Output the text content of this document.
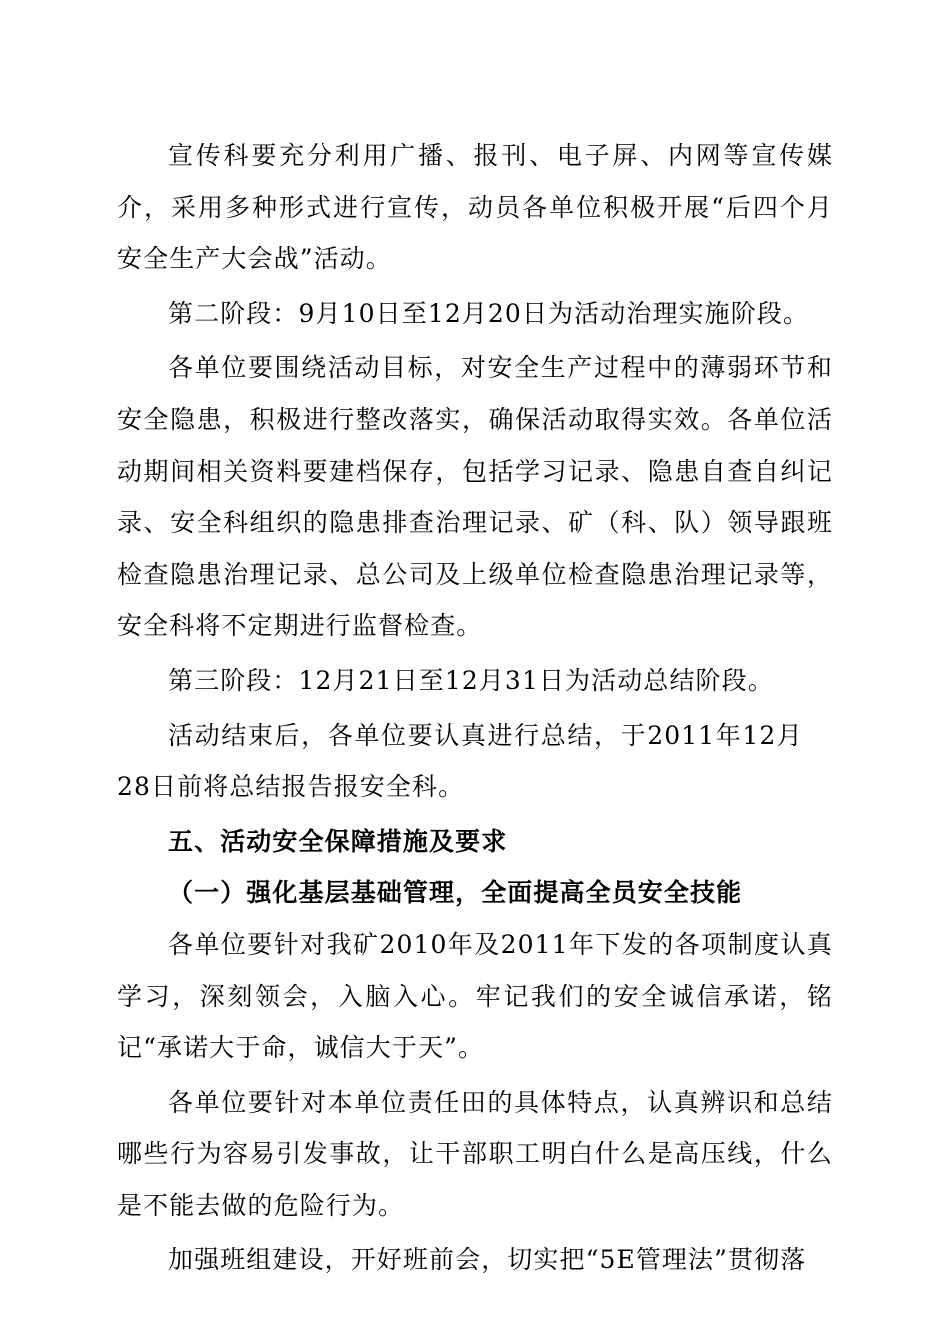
宣传科要充分利用广播、报刊、电子屏、内网等宣传媒介，采用多种形式进行宣传，动员各单位积极开展“后四个月安全生产大会战”活动。

第二阶段：9月10日至12月20日为活动治理实施阶段。

各单位要围绕活动目标，对安全生产过程中的薄弱环节和安全隐患，积极进行整改落实，确保活动取得实效。各单位活动期间相关资料要建档保存，包括学习记录、隐患自查自纠记录、安全科组织的隐患排查治理记录、矿（科、队）领导跟班检查隐患治理记录、总公司及上级单位检查隐患治理记录等，安全科将不定期进行监督检查。

第三阶段：12月21日至12月31日为活动总结阶段。

活动结束后，各单位要认真进行总结，于2011年12月28日前将总结报告报安全科。

五、活动安全保障措施及要求

（一）强化基层基础管理，全面提高全员安全技能

各单位要针对我矿2010年及2011年下发的各项制度认真学习，深刻领会，入脑入心。牢记我们的安全诚信承诺，铭记“承诺大于命，诚信大于天”。

各单位要针对本单位责任田的具体特点，认真辨识和总结哪些行为容易引发事故，让干部职工明白什么是高压线，什么是不能去做的危险行为。

加强班组建设，开好班前会，切实把“5E管理法”贯彻落
